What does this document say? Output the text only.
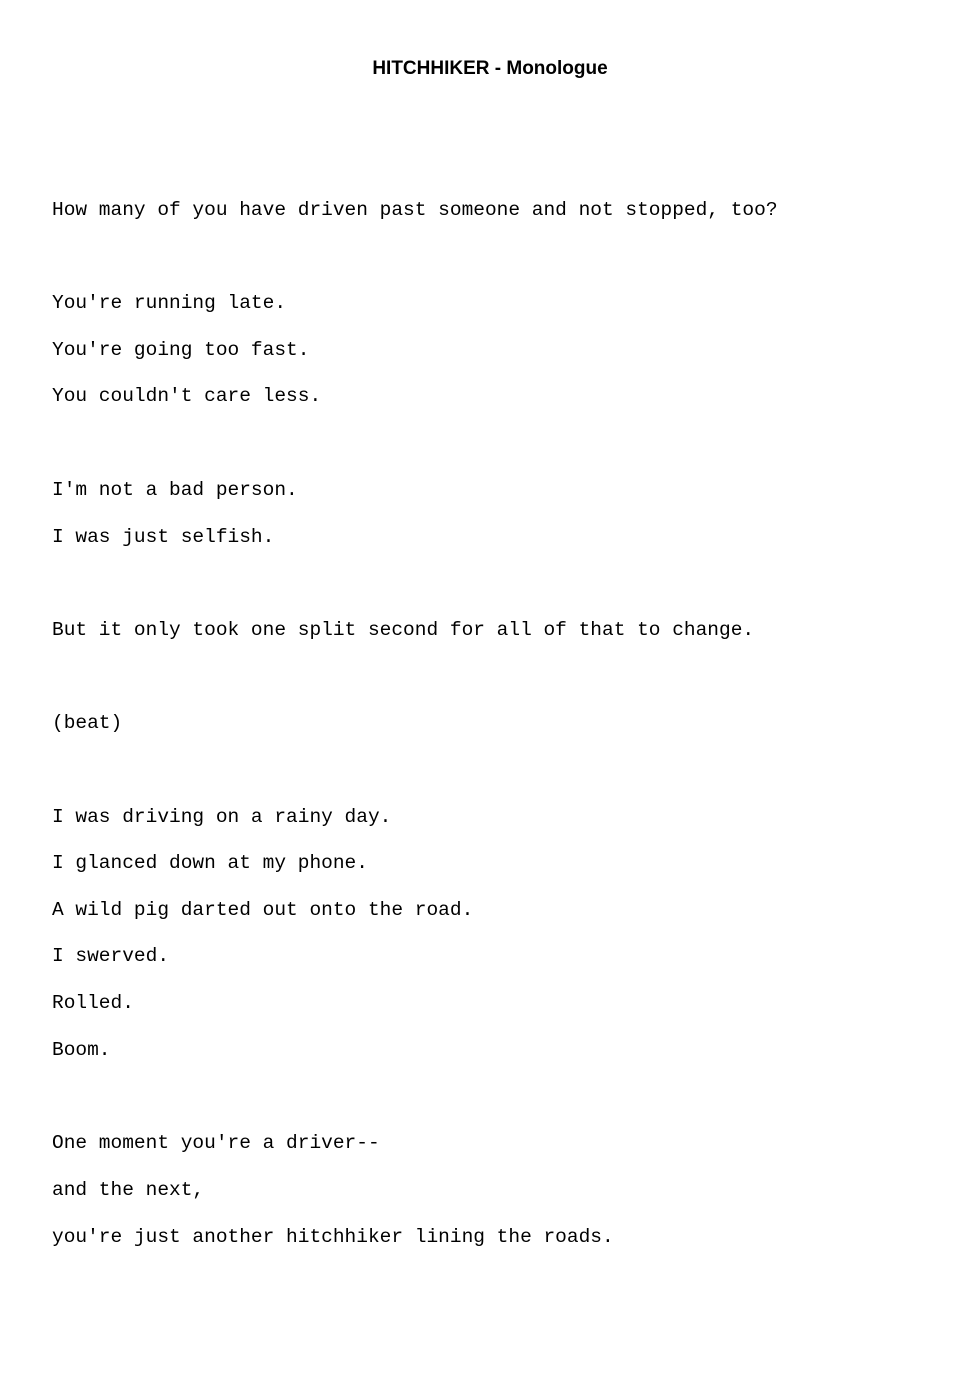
HITCHHIKER - Monologue
How many of you have driven past someone and not stopped, too?
You're running late.
You're going too fast.
You couldn't care less.
I'm not a bad person.
I was just selfish.
But it only took one split second for all of that to change.
(beat)
I was driving on a rainy day.
I glanced down at my phone.
A wild pig darted out onto the road.
I swerved.
Rolled.
Boom.
One moment you're a driver--
and the next,
you're just another hitchhiker lining the roads.
